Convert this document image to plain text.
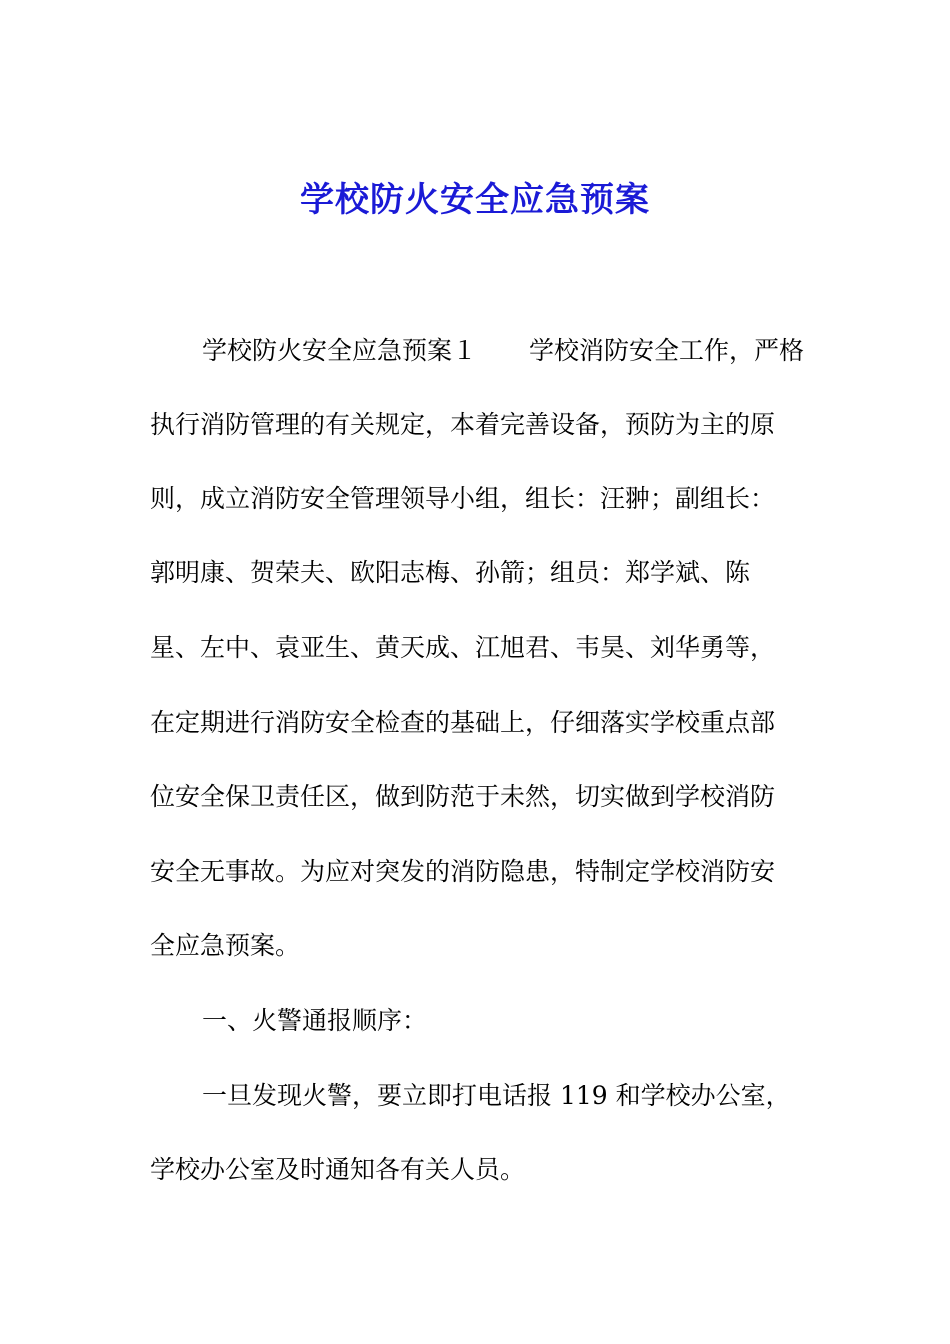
学校防火安全应急预案

学校防火安全应急预案１ 学校消防安全工作，严格

执行消防管理的有关规定，本着完善设备，预防为主的原

则，成立消防安全管理领导小组，组长：汪翀；副组长：

郭明康、贺荣夫、欧阳志梅、孙箭；组员：郑学斌、陈

星、左中、袁亚生、黄天成、江旭君、韦昊、刘华勇等，

在定期进行消防安全检查的基础上，仔细落实学校重点部

位安全保卫责任区，做到防范于未然，切实做到学校消防

安全无事故。为应对突发的消防隐患，特制定学校消防安

全应急预案。

一、火警通报顺序：

一旦发现火警，要立即打电话报 119 和学校办公室，

学校办公室及时通知各有关人员。
